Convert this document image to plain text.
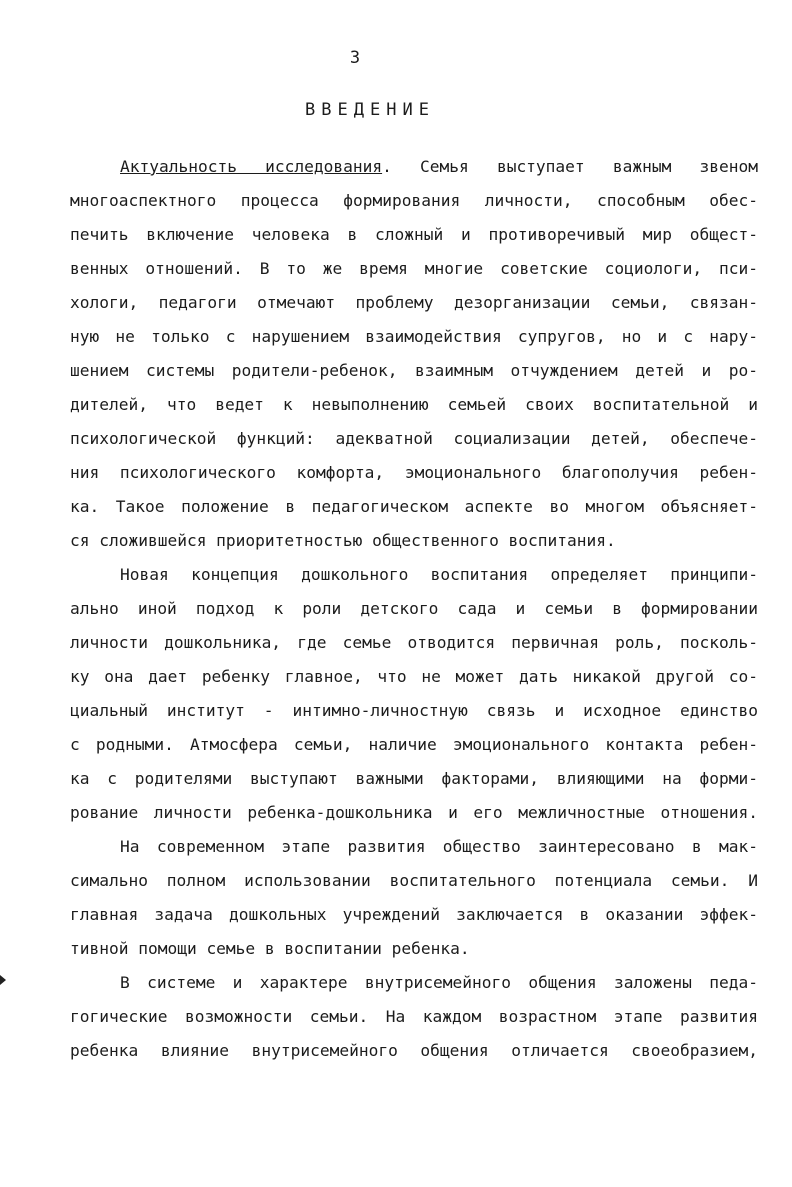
3
ВВЕДЕНИЕ
Актуальность исследования. Семья выступает важным звеном
многоаспектного процесса формирования личности, способным обес-
печить включение человека в сложный и противоречивый мир общест-
венных отношений. В то же время многие советские социологи, пси-
хологи, педагоги отмечают проблему дезорганизации семьи, связан-
ную не только с нарушением взаимодействия супругов, но и с нару-
шением системы родители-ребенок, взаимным отчуждением детей и ро-
дителей, что ведет к невыполнению семьей своих воспитательной и
психологической функций: адекватной социализации детей, обеспече-
ния психологического комфорта, эмоционального благополучия ребен-
ка. Такое положение в педагогическом аспекте во многом объясняет-
ся сложившейся приоритетностью общественного воспитания.
Новая концепция дошкольного воспитания определяет принципи-
ально иной подход к роли детского сада и семьи в формировании
личности дошкольника, где семье отводится первичная роль, посколь-
ку она дает ребенку главное, что не может дать никакой другой со-
циальный институт - интимно-личностную связь и исходное единство
с родными. Атмосфера семьи, наличие эмоционального контакта ребен-
ка с родителями выступают важными факторами, влияющими на форми-
рование личности ребенка-дошкольника и его межличностные отношения.
На современном этапе развития общество заинтересовано в мак-
симально полном использовании воспитательного потенциала семьи. И
главная задача дошкольных учреждений заключается в оказании эффек-
тивной помощи семье в воспитании ребенка.
В системе и характере внутрисемейного общения заложены педа-
гогические возможности семьи. На каждом возрастном этапе развития
ребенка влияние внутрисемейного общения отличается своеобразием,
